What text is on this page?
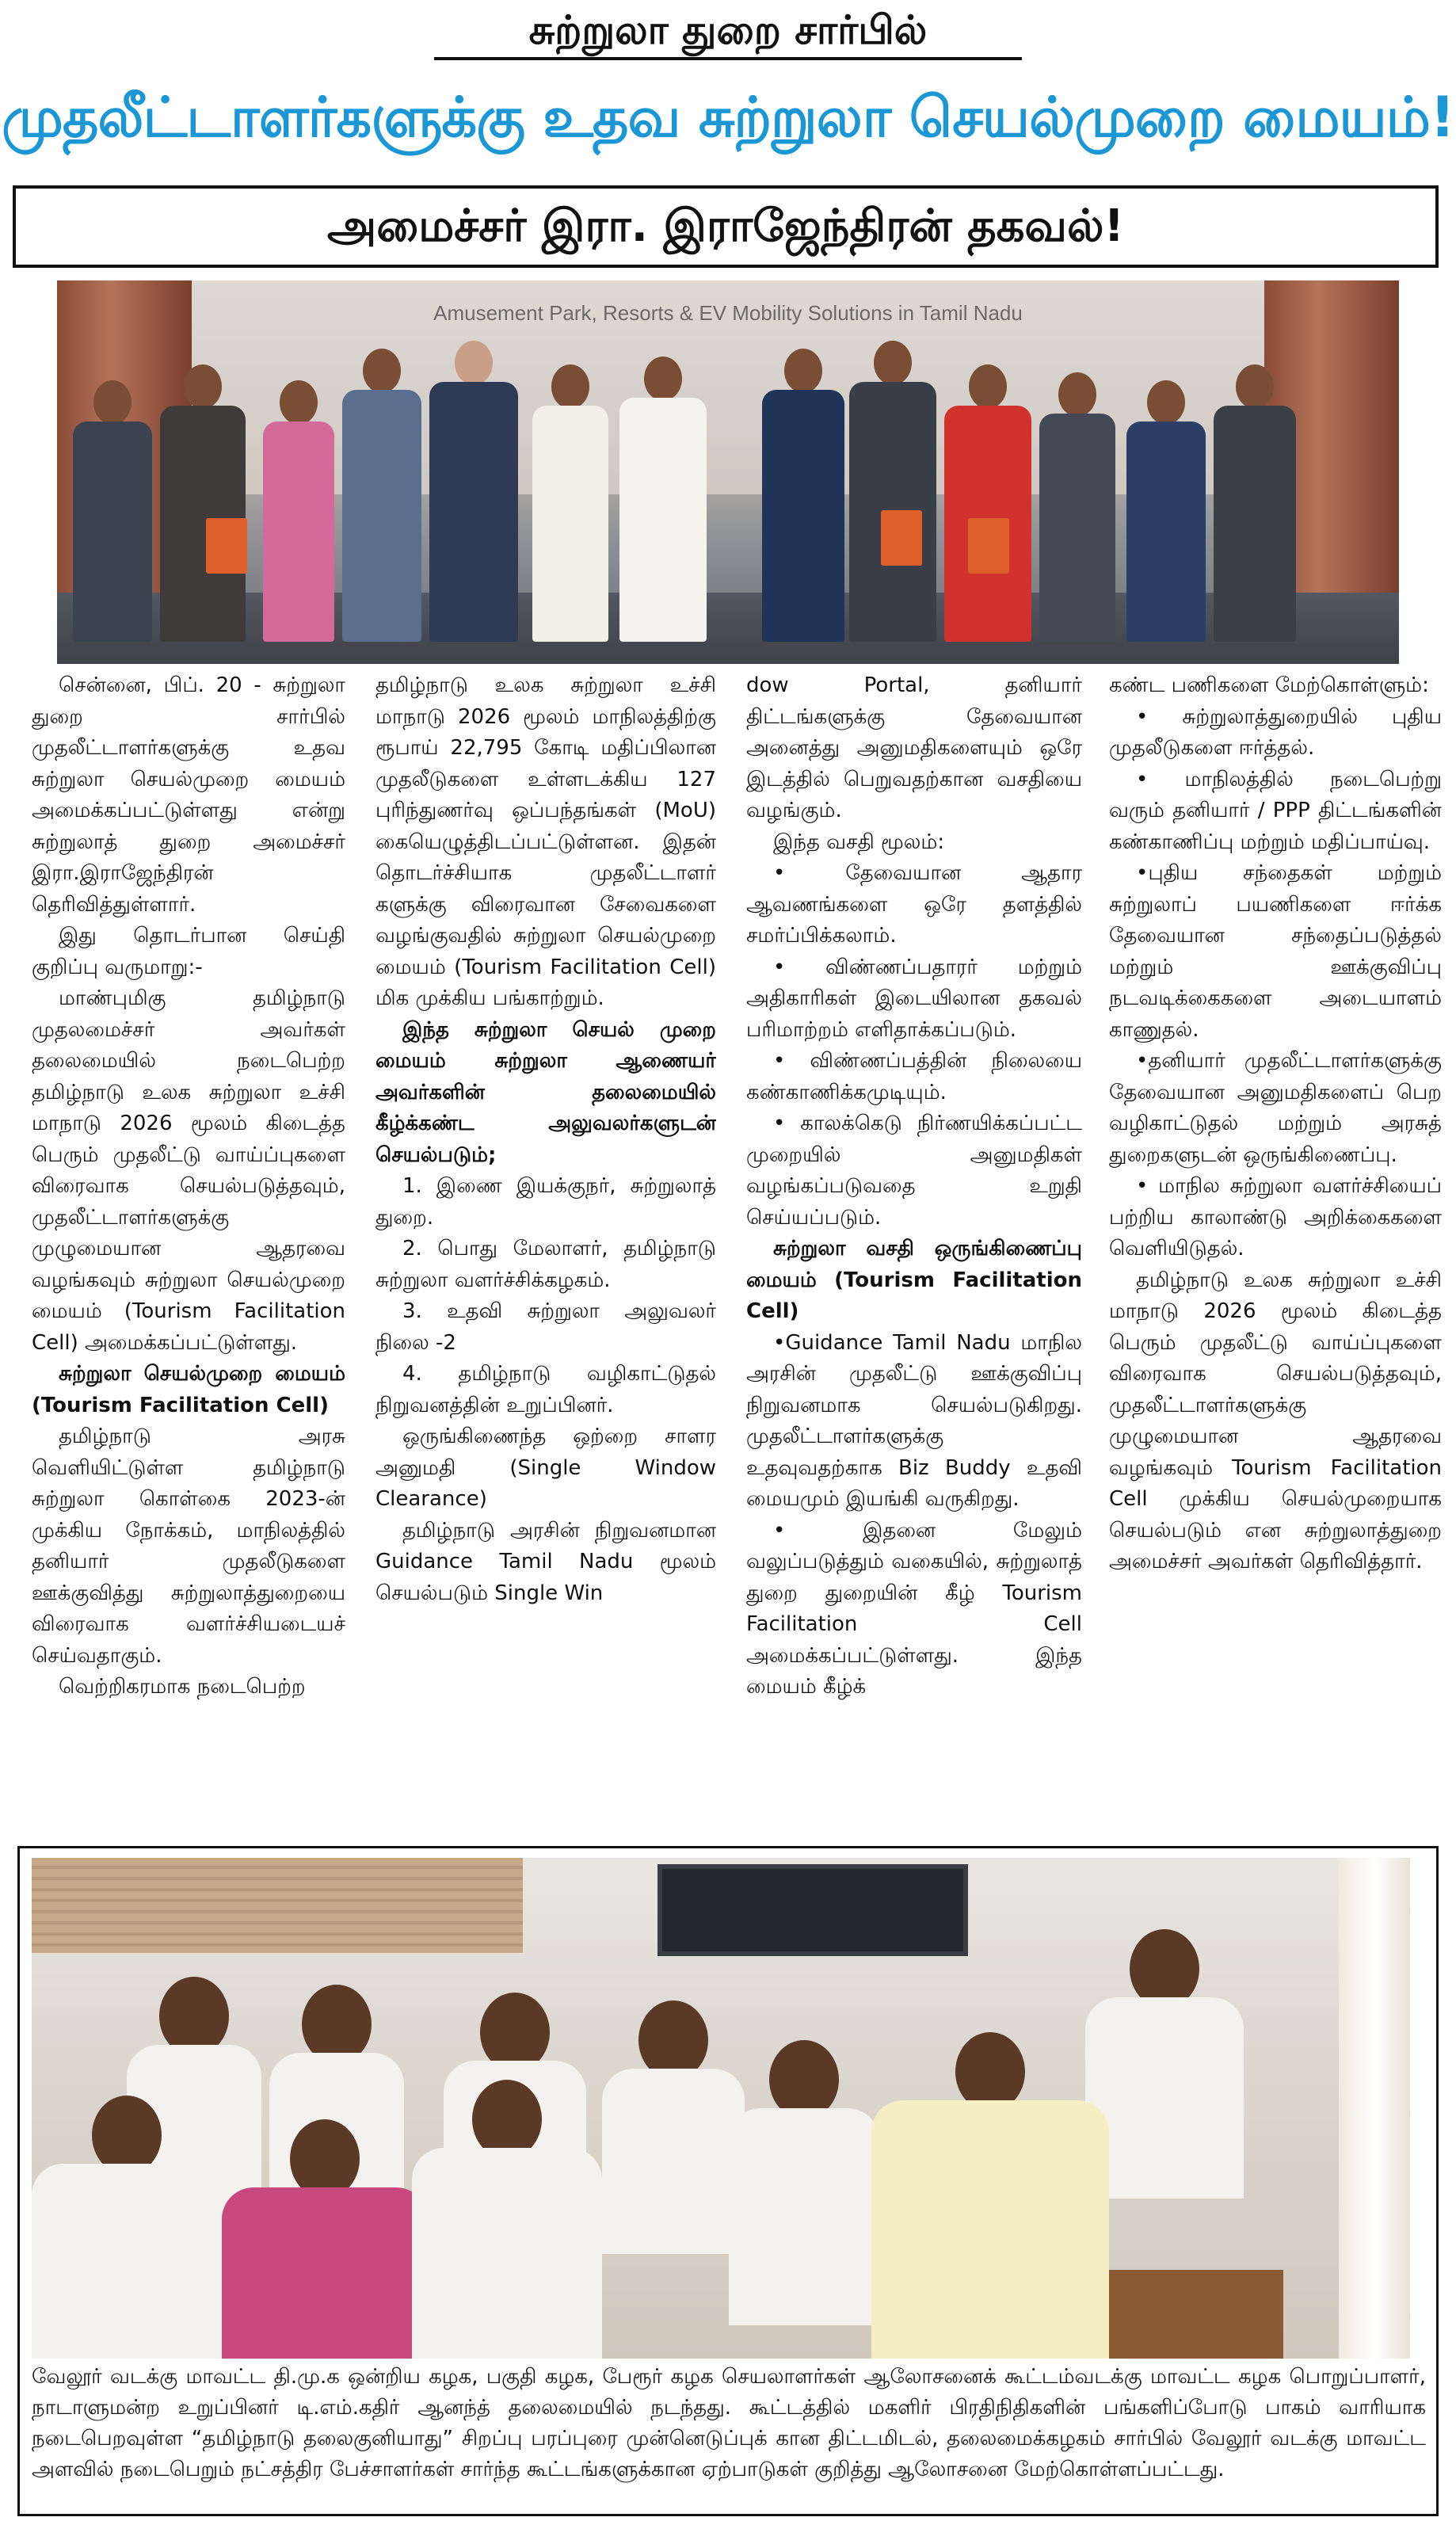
சுற்றுலா துறை சார்பில்
முதலீட்டாளர்களுக்கு உதவ சுற்றுலா செயல்முறை மையம்!
அமைச்சர் இரா. இராஜேந்திரன் தகவல்!
Amusement Park, Resorts & EV Mobility Solutions in Tamil Nadu

சென்னை, பிப். 20 - சுற்றுலா துறை சார்பில் முதலீட்டாளர்களுக்கு உதவ சுற்றுலா செயல்முறை மையம் அமைக்கப்பட்டுள்ளது என்று சுற்றுலாத் துறை அமைச்சர் இரா.இராஜேந்திரன் தெரிவித்துள்ளார்.

இது தொடர்பான செய்தி குறிப்பு வருமாறு:-

மாண்புமிகு தமிழ்நாடு முதலமைச்சர் அவர்கள் தலைமையில் நடைபெற்ற தமிழ்நாடு உலக சுற்றுலா உச்சி மாநாடு 2026 மூலம் கிடைத்த பெரும் முதலீட்டு வாய்ப்புகளை விரைவாக செயல்படுத்தவும், முதலீட்டாளர்களுக்கு முழுமையான ஆதரவை வழங்கவும் சுற்றுலா செயல்முறை மையம் (Tourism Facilitation Cell) அமைக்கப்பட்டுள்ளது.

சுற்றுலா செயல்முறை மையம் (Tourism Facilitation Cell)

தமிழ்நாடு அரசு வெளியிட்டுள்ள தமிழ்நாடு சுற்றுலா கொள்கை 2023-ன் முக்கிய நோக்கம், மாநிலத்தில் தனியார் முதலீடுகளை ஊக்குவித்து சுற்றுலாத்துறையை விரைவாக வளர்ச்சியடையச் செய்வதாகும்.

வெற்றிகரமாக நடைபெற்ற

தமிழ்நாடு உலக சுற்றுலா உச்சி மாநாடு 2026 மூலம் மாநிலத்திற்கு ரூபாய் 22,795 கோடி மதிப்பிலான முதலீடுகளை உள்ளடக்கிய 127 புரிந்துணர்வு ஒப்பந்தங்கள் (MoU) கையெழுத்திடப்பட்டுள்ளன. இதன் தொடர்ச்சியாக முதலீட்டாளர் களுக்கு விரைவான சேவைகளை வழங்குவதில் சுற்றுலா செயல்முறை மையம் (Tourism Facilitation Cell) மிக முக்கிய பங்காற்றும்.

இந்த சுற்றுலா செயல் முறை மையம் சுற்றுலா ஆணையர் அவர்களின் தலைமையில் கீழ்க்கண்ட அலுவலர்களுடன் செயல்படும்;

1. இணை இயக்குநர், சுற்றுலாத் துறை.

2. பொது மேலாளர், தமிழ்நாடு சுற்றுலா வளர்ச்சிக்கழகம்.

3. உதவி சுற்றுலா அலுவலர் நிலை -2

4. தமிழ்நாடு வழிகாட்டுதல் நிறுவனத்தின் உறுப்பினர்.

ஒருங்கிணைந்த ஒற்றை சாளர அனுமதி (Single Window Clearance)

தமிழ்நாடு அரசின் நிறுவனமான Guidance Tamil Nadu மூலம் செயல்படும் Single Win

dow Portal, தனியார் திட்டங்களுக்கு தேவையான அனைத்து அனுமதிகளையும் ஒரே இடத்தில் பெறுவதற்கான வசதியை வழங்கும்.

இந்த வசதி மூலம்:

• தேவையான ஆதார ஆவணங்களை ஒரே தளத்தில் சமர்ப்பிக்கலாம்.

• விண்ணப்பதாரர் மற்றும் அதிகாரிகள் இடையிலான தகவல் பரிமாற்றம் எளிதாக்கப்படும்.

• விண்ணப்பத்தின் நிலையை கண்காணிக்கமுடியும்.

• காலக்கெடு நிர்ணயிக்கப்பட்ட முறையில் அனுமதிகள் வழங்கப்படுவதை உறுதி செய்யப்படும்.

சுற்றுலா வசதி ஒருங்கிணைப்பு மையம் (Tourism Facilitation Cell)

•Guidance Tamil Nadu மாநில அரசின் முதலீட்டு ஊக்குவிப்பு நிறுவனமாக செயல்படுகிறது. முதலீட்டாளர்களுக்கு உதவுவதற்காக Biz Buddy உதவி மையமும் இயங்கி வருகிறது.

• இதனை மேலும் வலுப்படுத்தும் வகையில், சுற்றுலாத் துறை துறையின் கீழ் Tourism Facilitation Cell அமைக்கப்பட்டுள்ளது. இந்த மையம் கீழ்க்

கண்ட பணிகளை மேற்கொள்ளும்:

• சுற்றுலாத்துறையில் புதிய முதலீடுகளை ஈர்த்தல்.

• மாநிலத்தில் நடைபெற்று வரும் தனியார் / PPP திட்டங்களின் கண்காணிப்பு மற்றும் மதிப்பாய்வு.

•புதிய சந்தைகள் மற்றும் சுற்றுலாப் பயணிகளை ஈர்க்க தேவையான சந்தைப்படுத்தல் மற்றும் ஊக்குவிப்பு நடவடிக்கைகளை அடையாளம் காணுதல்.

•தனியார் முதலீட்டாளர்களுக்கு தேவையான அனுமதிகளைப் பெற வழிகாட்டுதல் மற்றும் அரசுத் துறைகளுடன் ஒருங்கிணைப்பு.

• மாநில சுற்றுலா வளர்ச்சியைப் பற்றிய காலாண்டு அறிக்கைகளை வெளியிடுதல்.

தமிழ்நாடு உலக சுற்றுலா உச்சி மாநாடு 2026 மூலம் கிடைத்த பெரும் முதலீட்டு வாய்ப்புகளை விரைவாக செயல்படுத்தவும், முதலீட்டாளர்களுக்கு முழுமையான ஆதரவை வழங்கவும் Tourism Facilitation Cell முக்கிய செயல்முறையாக செயல்படும் என சுற்றுலாத்துறை அமைச்சர் அவர்கள் தெரிவித்தார்.

வேலூர் வடக்கு மாவட்ட தி.மு.க ஒன்றிய கழக, பகுதி கழக, பேரூர் கழக செயலாளர்கள் ஆலோசனைக் கூட்டம்வடக்கு மாவட்ட கழக பொறுப்பாளர், நாடாளுமன்ற உறுப்பினர் டி.எம்.கதிர் ஆனந்த் தலைமையில் நடந்தது. கூட்டத்தில் மகளிர் பிரதிநிதிகளின் பங்களிப்போடு பாகம் வாரியாக நடைபெறவுள்ள “தமிழ்நாடு தலைகுனியாது” சிறப்பு பரப்புரை முன்னெடுப்புக் கான திட்டமிடல், தலைமைக்கழகம் சார்பில் வேலூர் வடக்கு மாவட்ட அளவில் நடைபெறும் நட்சத்திர பேச்சாளர்கள் சார்ந்த கூட்டங்களுக்கான ஏற்பாடுகள் குறித்து ஆலோசனை மேற்கொள்ளப்பட்டது.
